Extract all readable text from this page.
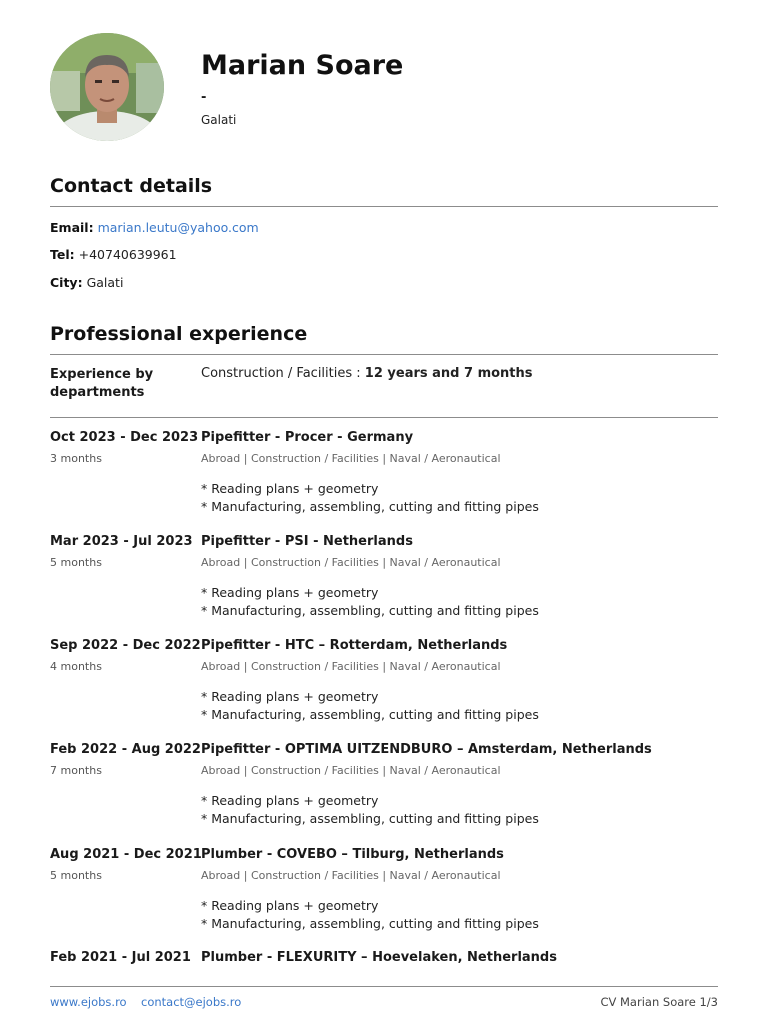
Marian Soare
-
Galati
Contact details
Email: marian.leutu@yahoo.com
Tel: +40740639961
City: Galati
Professional experience
Experience by departments
Construction / Facilities : 12 years and 7 months
Oct 2023 - Dec 2023
3 months
Pipefitter - Procer - Germany
Abroad | Construction / Facilities | Naval / Aeronautical
* Reading plans + geometry
* Manufacturing, assembling, cutting and fitting pipes
Mar 2023 - Jul 2023
5 months
Pipefitter - PSI - Netherlands
Abroad | Construction / Facilities | Naval / Aeronautical
* Reading plans + geometry
* Manufacturing, assembling, cutting and fitting pipes
Sep 2022 - Dec 2022
4 months
Pipefitter - HTC – Rotterdam, Netherlands
Abroad | Construction / Facilities | Naval / Aeronautical
* Reading plans + geometry
* Manufacturing, assembling, cutting and fitting pipes
Feb 2022 - Aug 2022
7 months
Pipefitter - OPTIMA UITZENDBURO – Amsterdam, Netherlands
Abroad | Construction / Facilities | Naval / Aeronautical
* Reading plans + geometry
* Manufacturing, assembling, cutting and fitting pipes
Aug 2021 - Dec 2021
5 months
Plumber - COVEBO – Tilburg, Netherlands
Abroad | Construction / Facilities | Naval / Aeronautical
* Reading plans + geometry
* Manufacturing, assembling, cutting and fitting pipes
Feb 2021 - Jul 2021 Plumber - FLEXURITY – Hoevelaken, Netherlands
www.ejobs.ro contact@ejobs.ro	CV Marian Soare 1/3
